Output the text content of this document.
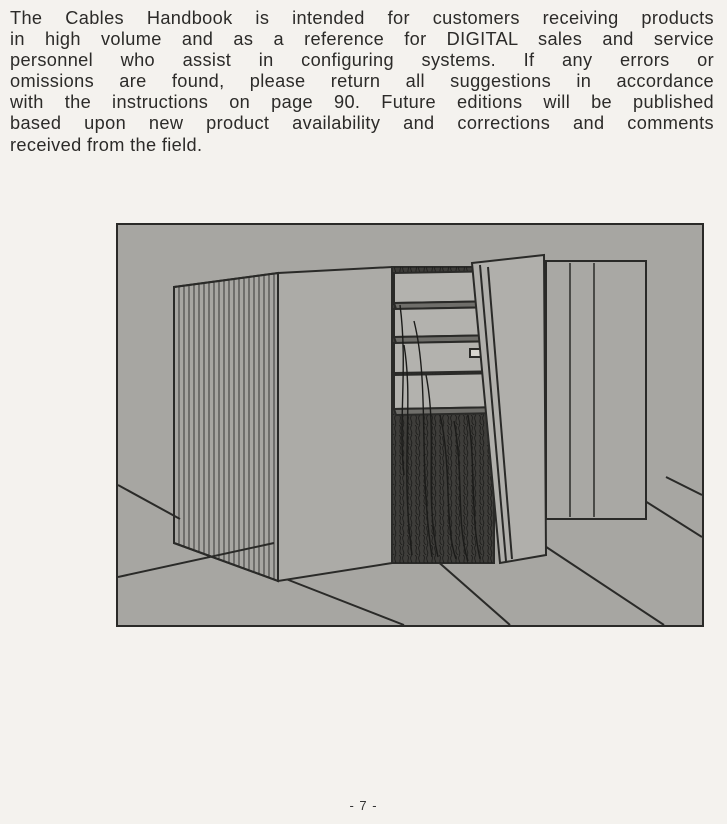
The Cables Handbook is intended for customers receiving products
in high volume and as a reference for DIGITAL sales and service
personnel who assist in configuring systems. If any errors or
omissions are found, please return all suggestions in accordance
with the instructions on page 90. Future editions will be published
based upon new product availability and corrections and comments
received from the field.
- 7 -
